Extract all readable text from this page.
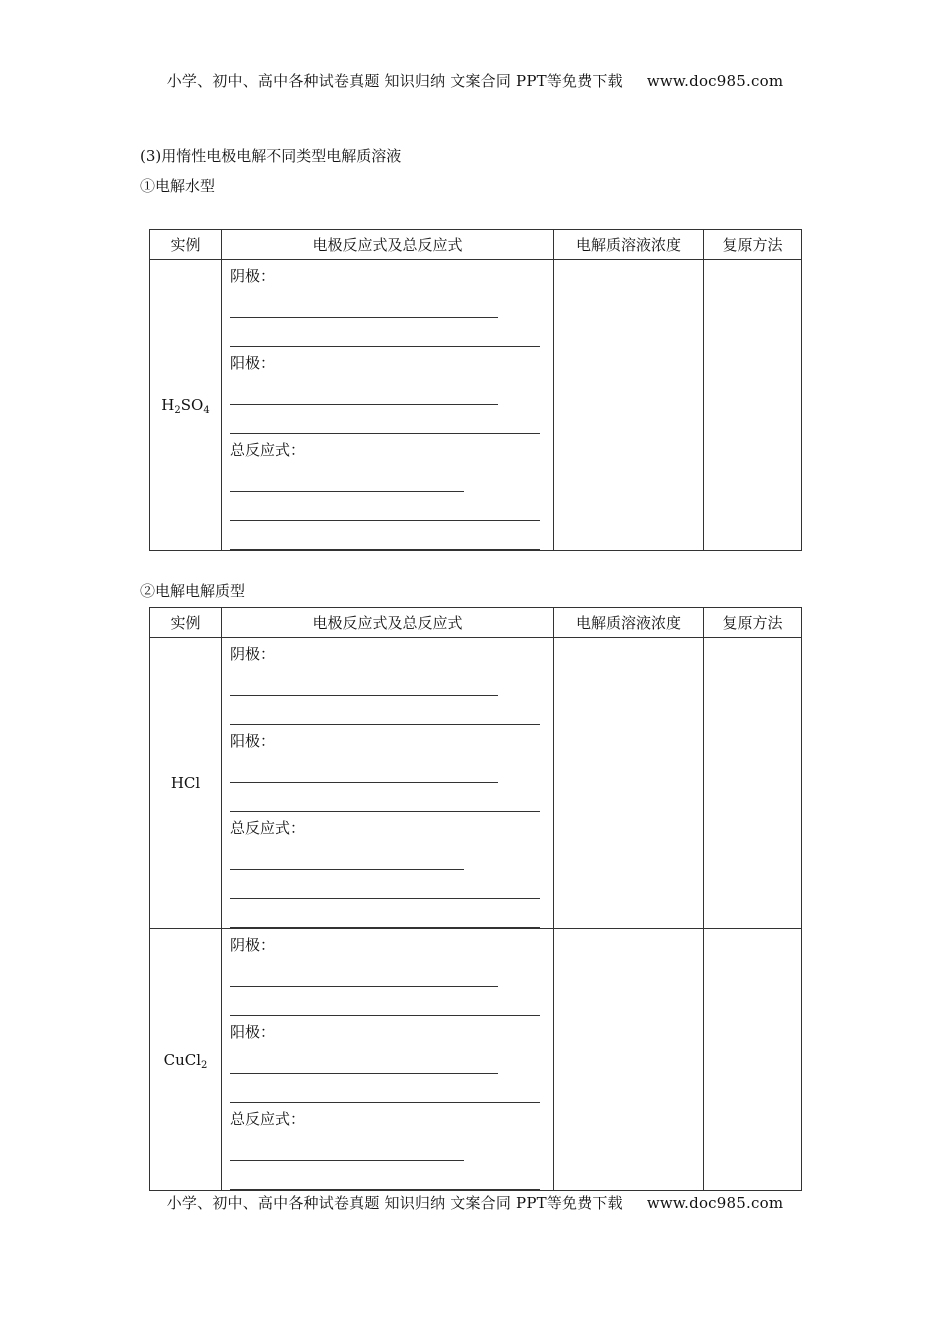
小学、初中、高中各种试卷真题 知识归纳 文案合同 PPT等免费下载 www.doc985.com
(3)用惰性电极电解不同类型电解质溶液
①电解水型
实例	电极反应式及总反应式	电解质溶液浓度	复原方法
$H_2SO_4$	阴极：
阳极：
总反应式：		

②电解电解质型
实例	电极反应式及总反应式	电解质溶液浓度	复原方法
HCl	阴极：
阳极：
总反应式：		

CuCl$_2$	阴极：
阳极：
总反应式：		

小学、初中、高中各种试卷真题 知识归纳 文案合同 PPT等免费下载 www.doc985.com
